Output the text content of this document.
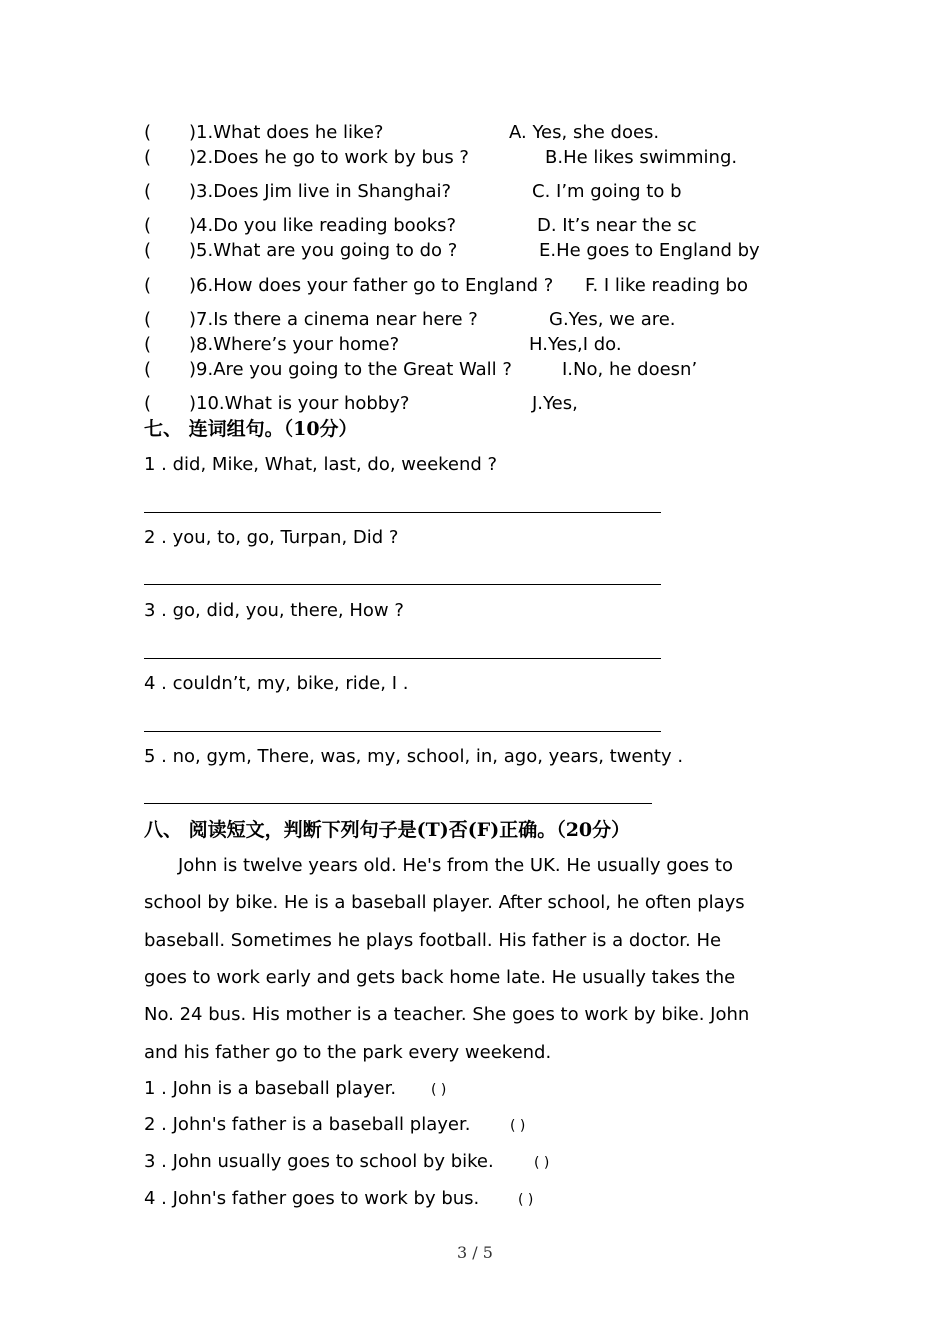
( )1.What does he like?	A. Yes, she does.
( )2.Does he go to work by bus ?	B.He likes swimming.
( )3.Does Jim live in Shanghai?	C. I’m going to b
( )4.Do you like reading books?	D. It’s near the sc
( )5.What are you going to do ?	E.He goes to England by
( )6.How does your father go to England ? F. I like reading bo
( )7.Is there a cinema near here ?	G.Yes, we are.
( )8.Where’s your home?	H.Yes,I do.
( )9.Are you going to the Great Wall ?	I.No, he doesn’
( )10.What is your hobby?	J.Yes,
七、 连词组句。（10分）
1 . did, Mike, What, last, do, weekend ?
2 . you, to, go, Turpan, Did ?
3 . go, did, you, there, How ?
4 . couldn’t, my, bike, ride, I .
5 . no, gym, There, was, my, school, in, ago, years, twenty .
八、 阅读短文，判断下列句子是(T)否(F)正确。（20分）
John is twelve years old. He's from the UK. He usually goes to
school by bike. He is a baseball player. After school, he often plays
baseball. Sometimes he plays football. His father is a doctor. He
goes to work early and gets back home late. He usually takes the
No. 24 bus. His mother is a teacher. She goes to work by bike. John
and his father go to the park every weekend.
1 . John is a baseball player. ( )
2 . John's father is a baseball player.	( )
3 . John usually goes to school by bike.	( )
4 . John's father goes to work by bus.	( )
3 / 5
